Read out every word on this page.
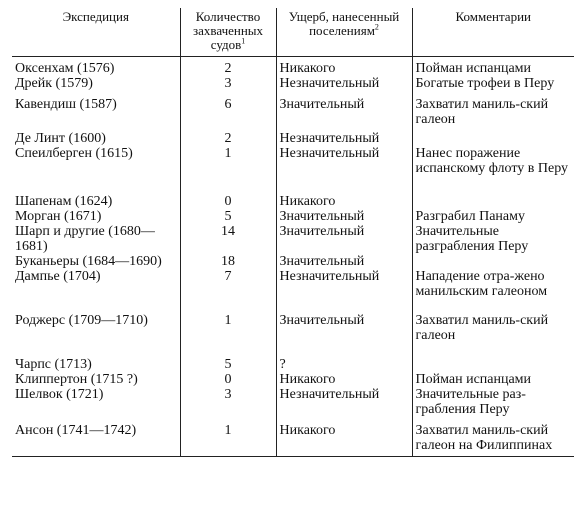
Экспедиция	Количество захваченных судов$^1$	Ущерб, нанесенный поселениям$^2$	Комментарии
Оксенхам (1576)	2	Никакого	Пойман испанцами
Дрейк (1579)	3	Незначительный	Богатые трофеи в Перу
Кавендиш (1587)	6	Значительный	Захватил маниль-ский галеон
Де Линт (1600)	2	Незначительный	
Спеилберген (1615)	1	Незначительный	Нанес поражение испанскому флоту в Перу
Шапенам (1624)	0	Никакого	
Морган (1671)	5	Значительный	Разграбил Панаму
Шарп и другие (1680—1681)	14	Значительный	Значительные разграбления Перу
Буканьеры (1684—1690)	18	Значительный	
Дампье (1704)	7	Незначительный	Нападение отра-жено манильским галеоном
Роджерс (1709—1710)	1	Значительный	Захватил маниль-ский галеон
Чарпс (1713)	5	?	
Клиппертон (1715 ?)	0	Никакого	Пойман испанцами
Шелвок (1721)	3	Незначительный	Значительные раз-грабления Перу
Ансон (1741—1742)	1	Никакого	Захватил маниль-ский галеон на Филиппинах
